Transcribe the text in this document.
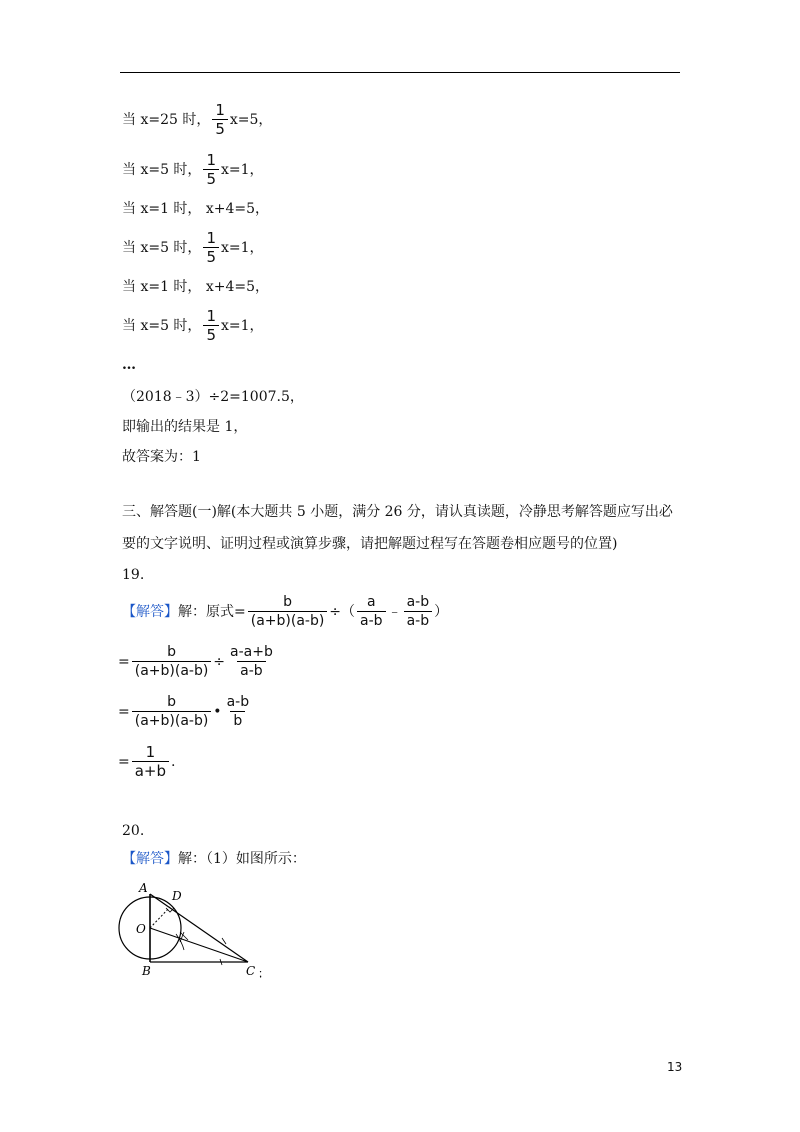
当 x=25 时， $\frac{1}{5} x=5$，
当 x=5 时， $\frac{1}{5} x=1$，
当 x=1 时， x+4=5，
当 x=5 时， $\frac{1}{5} x=1$，
当 x=1 时， x+4=5，
当 x=5 时， $\frac{1}{5} x=1$，
…
（2018﹣3）÷2=1007.5，
即输出的结果是 1，
故答案为：1
三、解答题(一)解(本大题共 5 小题，满分 26 分，请认真读题，冷静思考解答题应写出必要的文字说明、证明过程或演算步骤，请把解题过程写在答题卷相应题号的位置)
19.
【解答】 解：原式= $\frac{b}{(a+b)(a-b)}$ ÷（ $\frac{a}{a-b}$ ﹣ $\frac{a-b}{a-b}$ ）
= $\frac{b}{(a+b)(a-b)} \div \frac{a-a+b}{a-b}$
= $\frac{b}{(a+b)(a-b)}$ • $\frac{a-b}{b}$
= $\frac{1}{a+b}$ .
20.
【解答】 解：（1）如图所示：
A
D
O
B	C ；
13
